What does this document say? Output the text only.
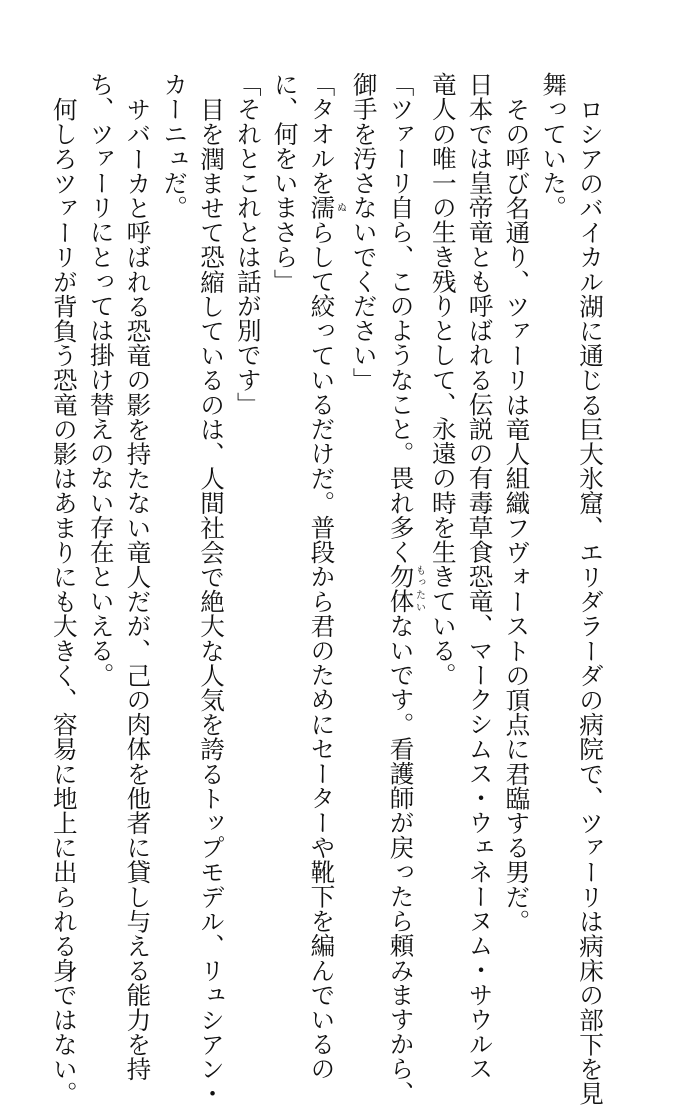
ロシアのバイカル湖に通じる巨大氷窟、エリダラーダの病院で、ツァーリは病床の部下を見
舞っていた。
その呼び名通り、ツァーリは竜人組織フヴォーストの頂点に君臨する男だ。
日本では皇帝竜とも呼ばれる伝説の有毒草食恐竜、マークシムス・ウェネーヌム・サウルス
竜人の唯一の生き残りとして、永遠の時を生きている。
「ツァーリ自ら、このようなこと。畏れ多く勿体もったいないです。看護師が戻ったら頼みますから、
御手を汚さないでください」
「タオルを濡ぬらして絞っているだけだ。普段から君のためにセーターや靴下を編んでいるの
に、何をいまさら」
「それとこれとは話が別です」
目を潤ませて恐縮しているのは、人間社会で絶大な人気を誇るトップモデル、リュシアン・
カーニュだ。
サバーカと呼ばれる恐竜の影を持たない竜人だが、己の肉体を他者に貸し与える能力を持
ち、ツァーリにとっては掛け替えのない存在といえる。
何しろツァーリが背負う恐竜の影はあまりにも大きく、容易に地上に出られる身ではない。
